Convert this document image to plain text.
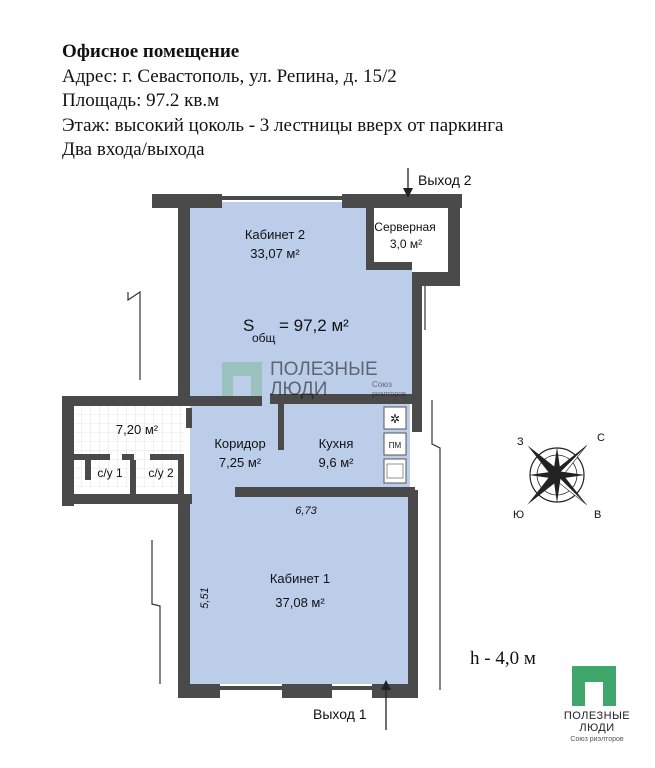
Офисное помещение
Адрес: г. Севастополь, ул. Репина, д. 15/2
Площадь: 97.2 кв.м
Этаж: высокий цоколь - 3 лестницы вверх от паркинга
Два входа/выхода
✲
ПМ
ПОЛЕЗНЫЕ
ЛЮДИ	Союз
риэлторов
Кабинет 2
33,07 м²
Серверная
3,0 м²
S
общ
= 97,2 м²
7,20 м²
с/у 1 с/у 2
Коридор
7,25 м²
Кухня
9,6 м²
Кабинет 1
37,08 м²
6,73
5,51
Выход 2
Выход 1
С
В
Ю
З
h - 4,0 м
ПОЛЕЗНЫЕ
ЛЮДИ
Союз риэлторов
